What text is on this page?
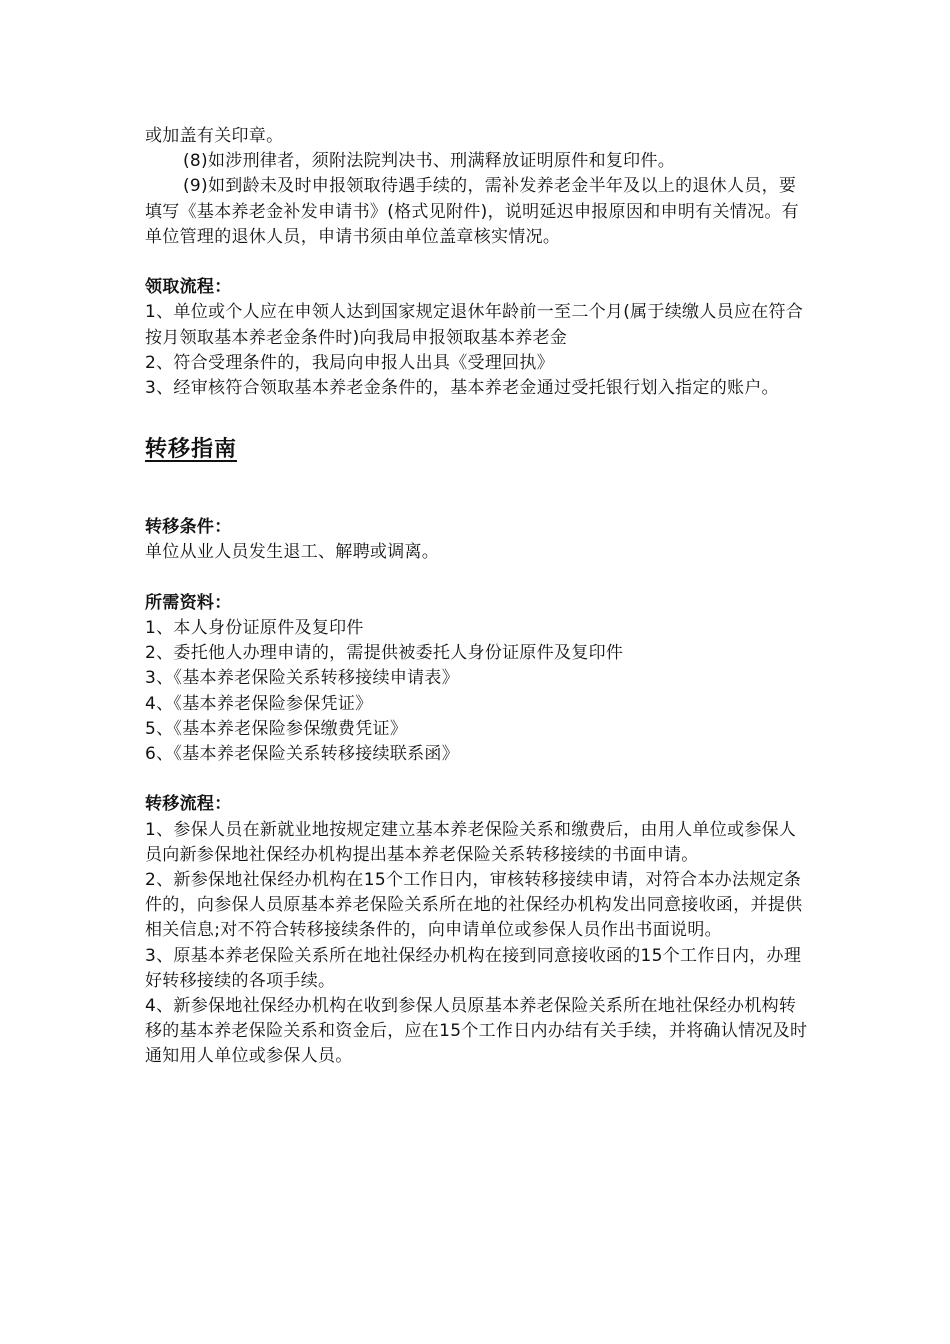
或加盖有关印章。

(8)如涉刑律者，须附法院判决书、刑满释放证明原件和复印件。

(9)如到龄未及时申报领取待遇手续的，需补发养老金半年及以上的退休人员，要填写《基本养老金补发申请书》(格式见附件)，说明延迟申报原因和申明有关情况。有单位管理的退休人员，申请书须由单位盖章核实情况。

领取流程：

1、单位或个人应在申领人达到国家规定退休年龄前一至二个月(属于续缴人员应在符合按月领取基本养老金条件时)向我局申报领取基本养老金

2、符合受理条件的，我局向申报人出具《受理回执》

3、经审核符合领取基本养老金条件的，基本养老金通过受托银行划入指定的账户。

转移指南

转移条件：

单位从业人员发生退工、解聘或调离。

所需资料：

1、本人身份证原件及复印件

2、委托他人办理申请的，需提供被委托人身份证原件及复印件

3、《基本养老保险关系转移接续申请表》

4、《基本养老保险参保凭证》

5、《基本养老保险参保缴费凭证》

6、《基本养老保险关系转移接续联系函》

转移流程：

1、参保人员在新就业地按规定建立基本养老保险关系和缴费后，由用人单位或参保人员向新参保地社保经办机构提出基本养老保险关系转移接续的书面申请。

2、新参保地社保经办机构在15个工作日内，审核转移接续申请，对符合本办法规定条件的，向参保人员原基本养老保险关系所在地的社保经办机构发出同意接收函，并提供相关信息;对不符合转移接续条件的，向申请单位或参保人员作出书面说明。

3、原基本养老保险关系所在地社保经办机构在接到同意接收函的15个工作日内，办理好转移接续的各项手续。

4、新参保地社保经办机构在收到参保人员原基本养老保险关系所在地社保经办机构转移的基本养老保险关系和资金后，应在15个工作日内办结有关手续，并将确认情况及时通知用人单位或参保人员。
